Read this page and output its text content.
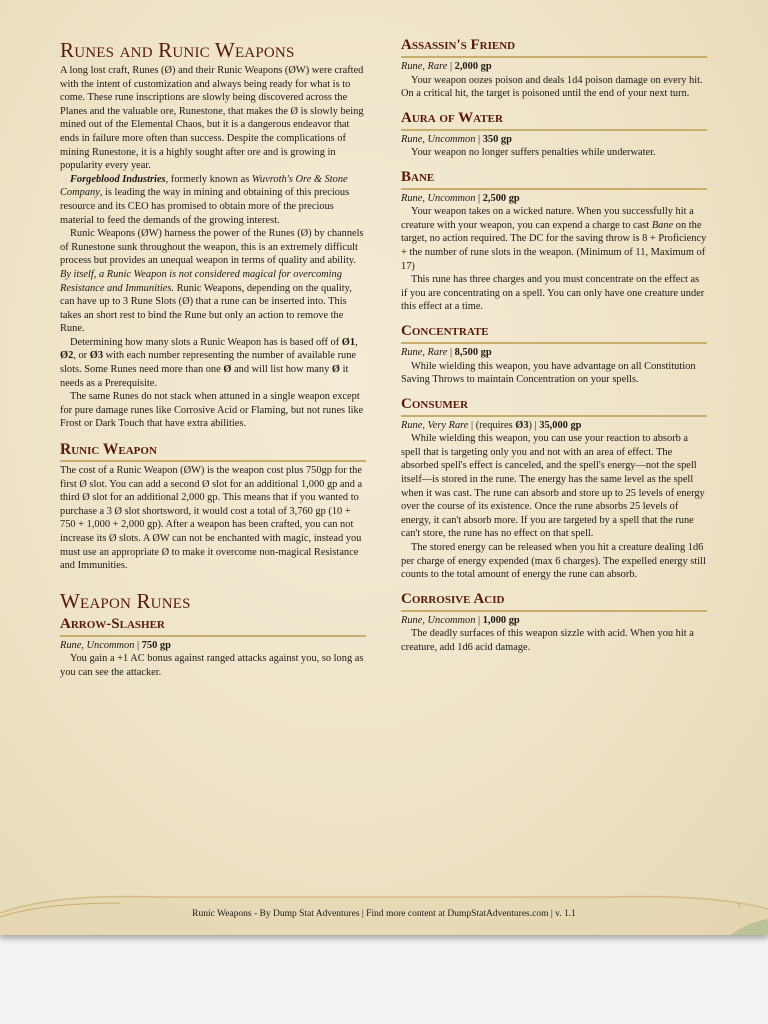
Runes and Runic Weapons

A long lost craft, Runes (Ø) and their Runic Weapons (ØW) were crafted with the intent of customization and always being ready for what is to come. These rune inscriptions are slowly being discovered across the Planes and the valuable ore, Runestone, that makes the Ø is slowly being mined out of the Elemental Chaos, but it is a dangerous endeavor that ends in failure more often than success. Despite the complications of mining Runestone, it is a highly sought after ore and is growing in popularity every year.

Forgeblood Industries, formerly known as Wuvroth's Ore & Stone Company, is leading the way in mining and obtaining of this precious resource and its CEO has promised to obtain more of the precious material to feed the demands of the growing interest.

Runic Weapons (ØW) harness the power of the Runes (Ø) by channels of Runestone sunk throughout the weapon, this is an extremely difficult process but provides an unequal weapon in terms of quality and ability. By itself, a Runic Weapon is not considered magical for overcoming Resistance and Immunities. Runic Weapons, depending on the quality, can have up to 3 Rune Slots (Ø) that a rune can be inserted into. This takes an short rest to bind the Rune but only an action to remove the Rune.

Determining how many slots a Runic Weapon has is based off of Ø1, Ø2, or Ø3 with each number representing the number of available rune slots. Some Runes need more than one Ø and will list how many Ø it needs as a Prerequisite.

The same Runes do not stack when attuned in a single weapon except for pure damage runes like Corrosive Acid or Flaming, but not runes like Frost or Dark Touch that have extra abilities.

Runic Weapon

The cost of a Runic Weapon (ØW) is the weapon cost plus 750gp for the first Ø slot. You can add a second Ø slot for an additional 1,000 gp and a third Ø slot for an additional 2,000 gp. This means that if you wanted to purchase a 3 Ø slot shortsword, it would cost a total of 3,760 gp (10 + 750 + 1,000 + 2,000 gp). After a weapon has been crafted, you can not increase its Ø slots. A ØW can not be enchanted with magic, instead you must use an appropriate Ø to make it overcome non-magical Resistance and Immunities.

Weapon Runes
Arrow-Slasher
Rune, Uncommon | 750 gp

You gain a +1 AC bonus against ranged attacks against you, so long as you can see the attacker.

Assassin's Friend
Rune, Rare | 2,000 gp

Your weapon oozes poison and deals 1d4 poison damage on every hit. On a critical hit, the target is poisoned until the end of your next turn.

Aura of Water
Rune, Uncommon | 350 gp

Your weapon no longer suffers penalties while underwater.

Bane
Rune, Uncommon | 2,500 gp

Your weapon takes on a wicked nature. When you successfully hit a creature with your weapon, you can expend a charge to cast Bane on the target, no action required. The DC for the saving throw is 8 + Proficiency + the number of rune slots in the weapon. (Minimum of 11, Maximum of 17)

This rune has three charges and you must concentrate on the effect as if you are concentrating on a spell. You can only have one creature under this effect at a time.

Concentrate
Rune, Rare | 8,500 gp

While wielding this weapon, you have advantage on all Constitution Saving Throws to maintain Concentration on your spells.

Consumer
Rune, Very Rare | (requires Ø3) | 35,000 gp

While wielding this weapon, you can use your reaction to absorb a spell that is targeting only you and not with an area of effect. The absorbed spell's effect is canceled, and the spell's energy—not the spell itself—is stored in the rune. The energy has the same level as the spell when it was cast. The rune can absorb and store up to 25 levels of energy over the course of its existence. Once the rune absorbs 25 levels of energy, it can't absorb more. If you are targeted by a spell that the rune can't store, the rune has no effect on that spell.

The stored energy can be released when you hit a creature dealing 1d6 per charge of energy expended (max 6 charges). The expelled energy still counts to the total amount of energy the rune can absorb.

Corrosive Acid
Rune, Uncommon | 1,000 gp

The deadly surfaces of this weapon sizzle with acid. When you hit a creature, add 1d6 acid damage.

Runic Weapons - By Dump Stat Adventures | Find more content at DumpStatAdventures.com | v. 1.1
1
